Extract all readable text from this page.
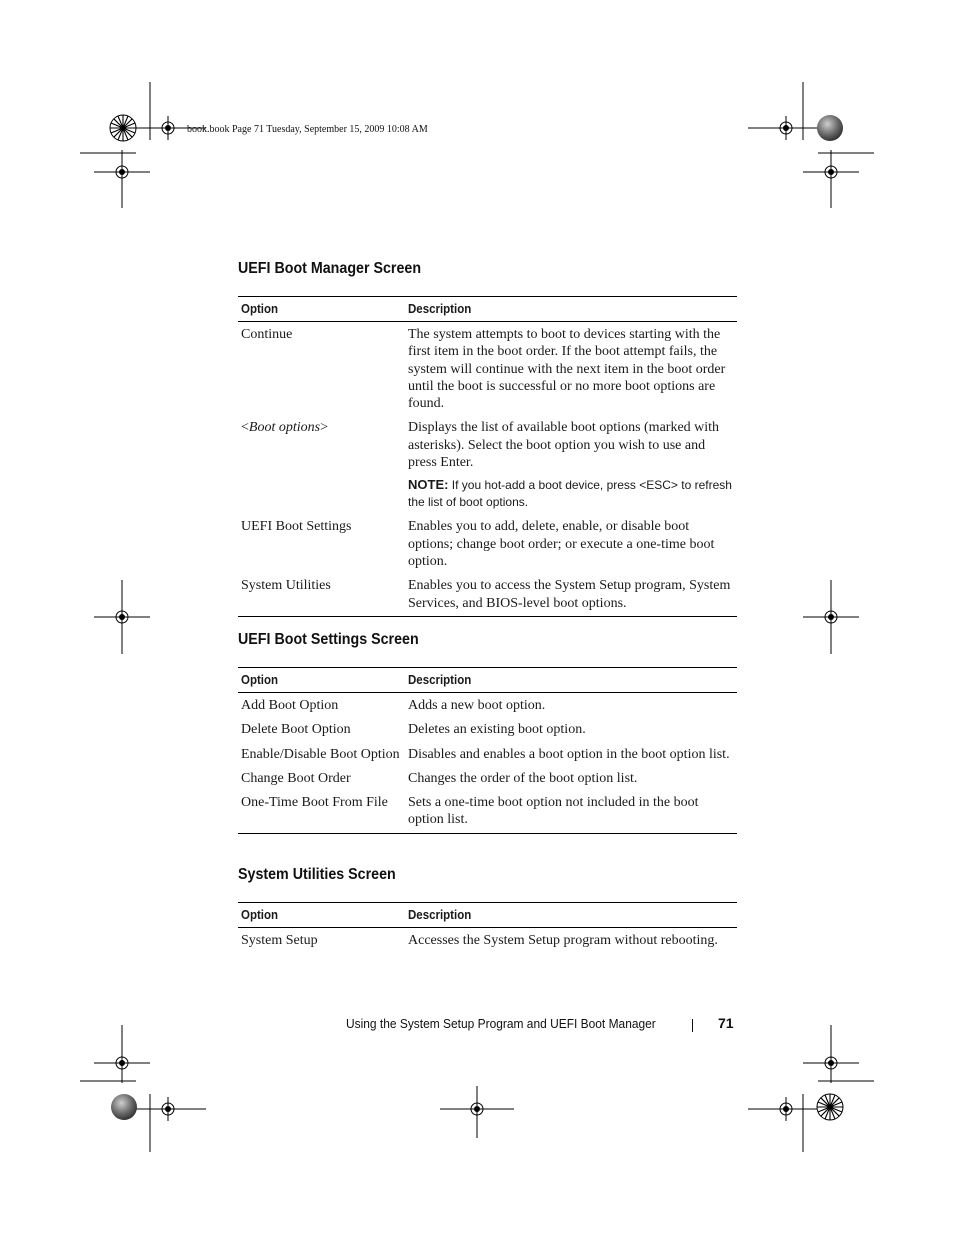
book.book Page 71 Tuesday, September 15, 2009 10:08 AM
UEFI Boot Manager Screen
Option	Description
Continue	The system attempts to boot to devices starting with the first item in the boot order. If the boot attempt fails, the system will continue with the next item in the boot order until the boot is successful or no more boot options are found.
<Boot options>	Displays the list of available boot options (marked with asterisks). Select the boot option you wish to use and press Enter.
NOTE: If you hot-add a boot device, press <ESC> to refresh the list of boot options.

UEFI Boot Settings	Enables you to add, delete, enable, or disable boot options; change boot order; or execute a one-time boot option.
System Utilities	Enables you to access the System Setup program, System Services, and BIOS-level boot options.
UEFI Boot Settings Screen
Option	Description
Add Boot Option	Adds a new boot option.
Delete Boot Option	Deletes an existing boot option.
Enable/Disable Boot Option	Disables and enables a boot option in the boot option list.
Change Boot Order	Changes the order of the boot option list.
One-Time Boot From File	Sets a one-time boot option not included in the boot option list.
System Utilities Screen
Option	Description
System Setup	Accesses the System Setup program without rebooting.
Using the System Setup Program and UEFI Boot Manager	71
